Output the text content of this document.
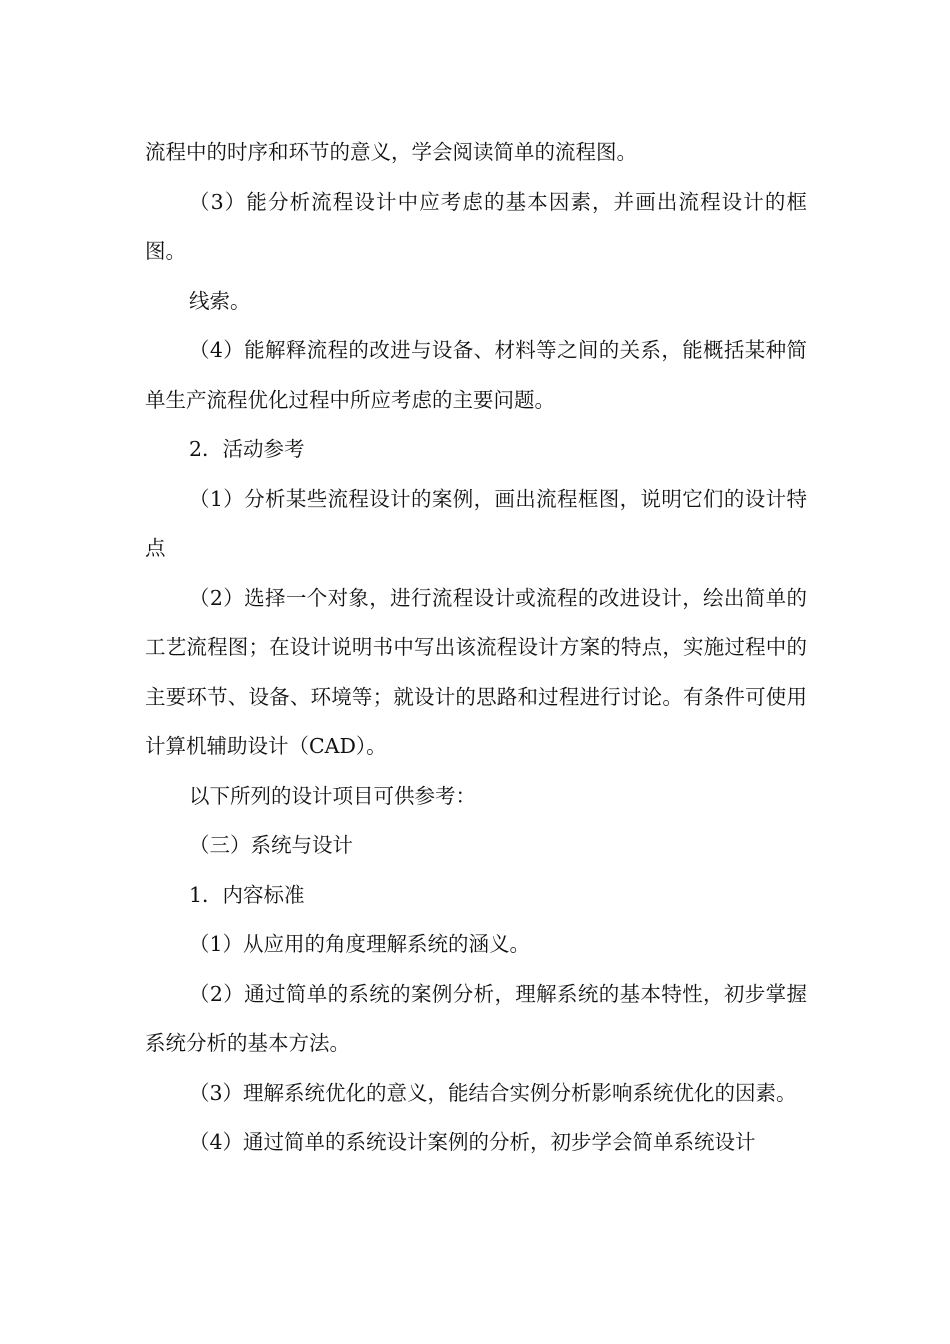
流程中的时序和环节的意义，学会阅读简单的流程图。

（3）能分析流程设计中应考虑的基本因素，并画出流程设计的框图。

线索。

（4）能解释流程的改进与设备、材料等之间的关系，能概括某种简单生产流程优化过程中所应考虑的主要问题。

2．活动参考

（1）分析某些流程设计的案例，画出流程框图，说明它们的设计特点

（2）选择一个对象，进行流程设计或流程的改进设计，绘出简单的工艺流程图；在设计说明书中写出该流程设计方案的特点，实施过程中的主要环节、设备、环境等；就设计的思路和过程进行讨论。有条件可使用计算机辅助设计（CAD）。

以下所列的设计项目可供参考：

（三）系统与设计

1．内容标准

（1）从应用的角度理解系统的涵义。

（2）通过简单的系统的案例分析，理解系统的基本特性，初步掌握系统分析的基本方法。

（3）理解系统优化的意义，能结合实例分析影响系统优化的因素。

（4）通过简单的系统设计案例的分析，初步学会简单系统设计
